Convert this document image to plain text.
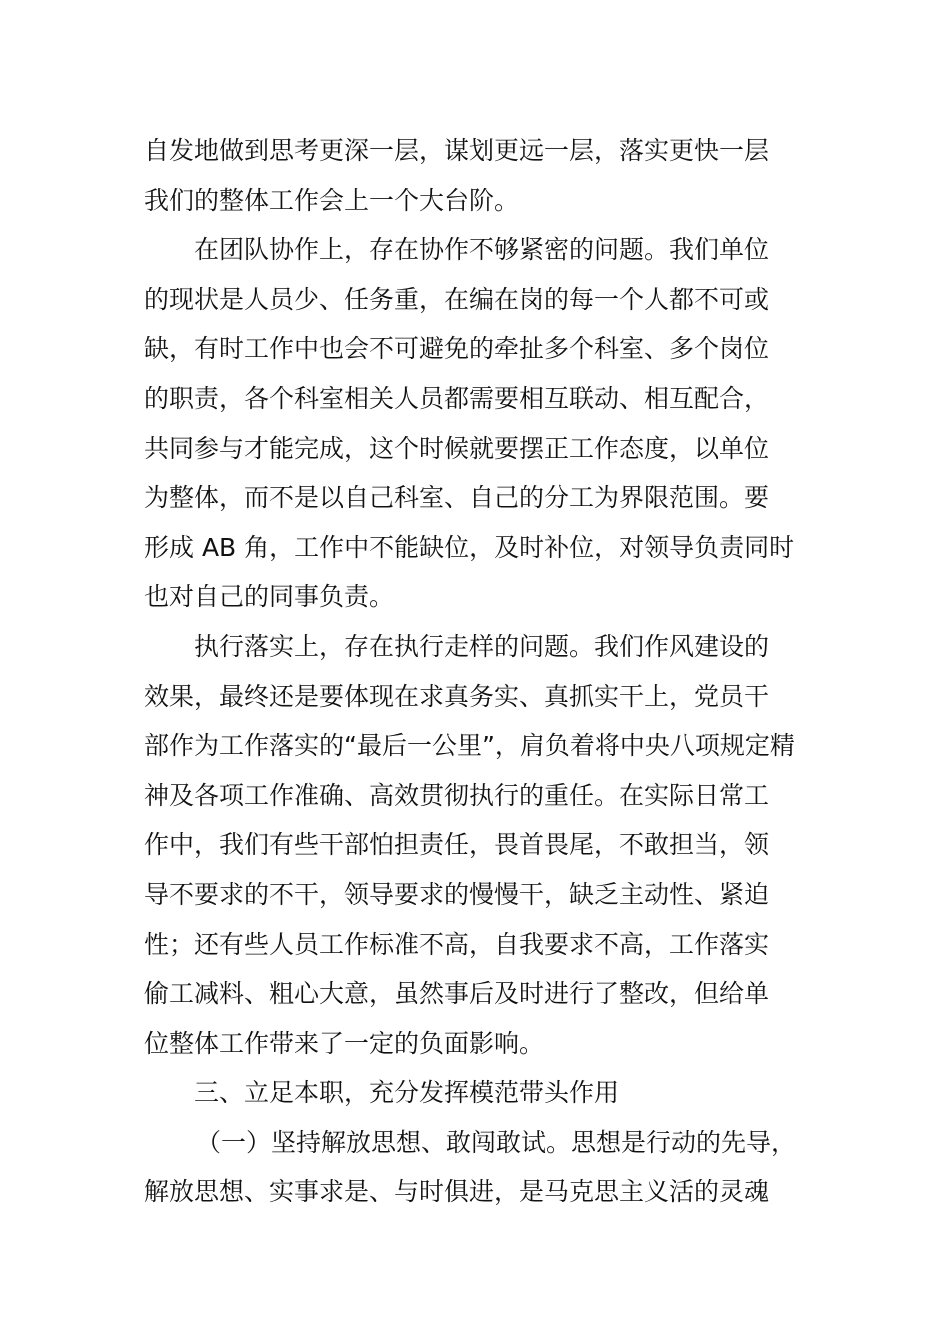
自发地做到思考更深一层，谋划更远一层，落实更快一层
我们的整体工作会上一个大台阶。
在团队协作上，存在协作不够紧密的问题。我们单位
的现状是人员少、任务重，在编在岗的每一个人都不可或
缺，有时工作中也会不可避免的牵扯多个科室、多个岗位
的职责，各个科室相关人员都需要相互联动、相互配合，
共同参与才能完成，这个时候就要摆正工作态度，以单位
为整体，而不是以自己科室、自己的分工为界限范围。要
形成 AB 角，工作中不能缺位，及时补位，对领导负责同时
也对自己的同事负责。
执行落实上，存在执行走样的问题。我们作风建设的
效果，最终还是要体现在求真务实、真抓实干上，党员干
部作为工作落实的“最后一公里”，肩负着将中央八项规定精
神及各项工作准确、高效贯彻执行的重任。在实际日常工
作中，我们有些干部怕担责任，畏首畏尾，不敢担当，领
导不要求的不干，领导要求的慢慢干，缺乏主动性、紧迫
性；还有些人员工作标准不高，自我要求不高，工作落实
偷工减料、粗心大意，虽然事后及时进行了整改，但给单
位整体工作带来了一定的负面影响。
三、立足本职，充分发挥模范带头作用
（一）坚持解放思想、敢闯敢试。思想是行动的先导，
解放思想、实事求是、与时俱进，是马克思主义活的灵魂
